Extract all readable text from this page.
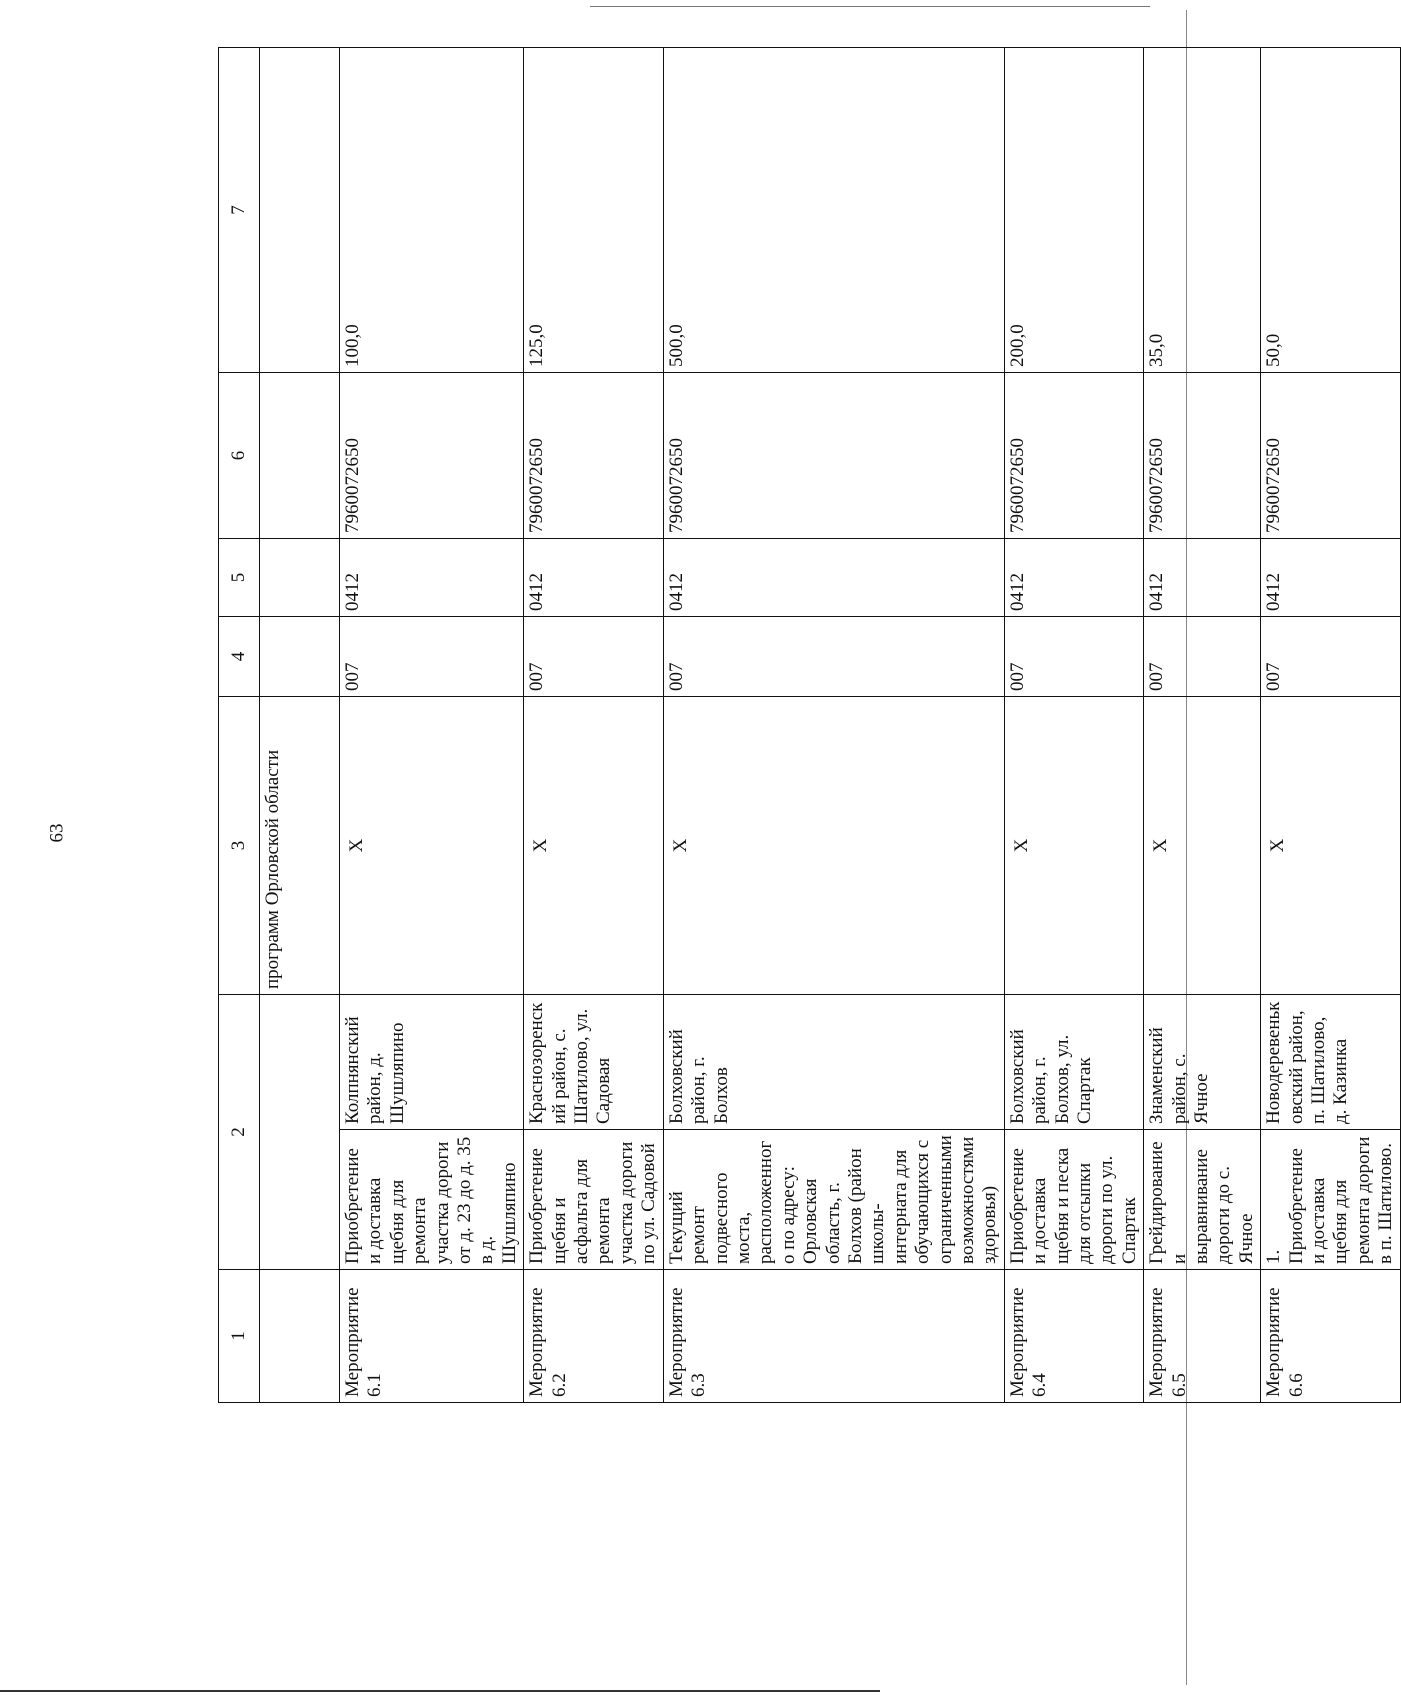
63
1	2		3	4	5	6	7
			программ Орловской области				
Мероприятие 6.1	Приобретение и доставка щебня для ремонта участка дороги от д. 23 до д. 35 в д. Шушляпино	Колпнянский район, д. Шушляпино	X	007	0412	7960072650	100,0
Мероприятие 6.2	Приобретение щебня и асфальта для ремонта участка дороги по ул. Садовой	Краснозоренский район, с. Шатилово, ул. Садовая	X	007	0412	7960072650	125,0
Мероприятие 6.3	Текущий ремонт подвесного моста, расположенного по адресу: Орловская область, г. Болхов (район школы-интерната для обучающихся с ограниченными возможностями здоровья)	Болховский район, г. Болхов	X	007	0412	7960072650	500,0
Мероприятие 6.4	Приобретение и доставка щебня и песка для отсыпки дороги по ул. Спартак	Болховский район, г. Болхов, ул. Спартак	X	007	0412	7960072650	200,0
Мероприятие 6.5	Грейдирование и выравнивание дороги до с. Ячное	Знаменский район, с. Ячное	X	007	0412	7960072650	35,0
Мероприятие 6.6	1. Приобретение и доставка щебня для ремонта дороги в п. Шатилово.	Новодеревеньковский район, п. Шатилово, д. Казинка	X	007	0412	7960072650	50,0
